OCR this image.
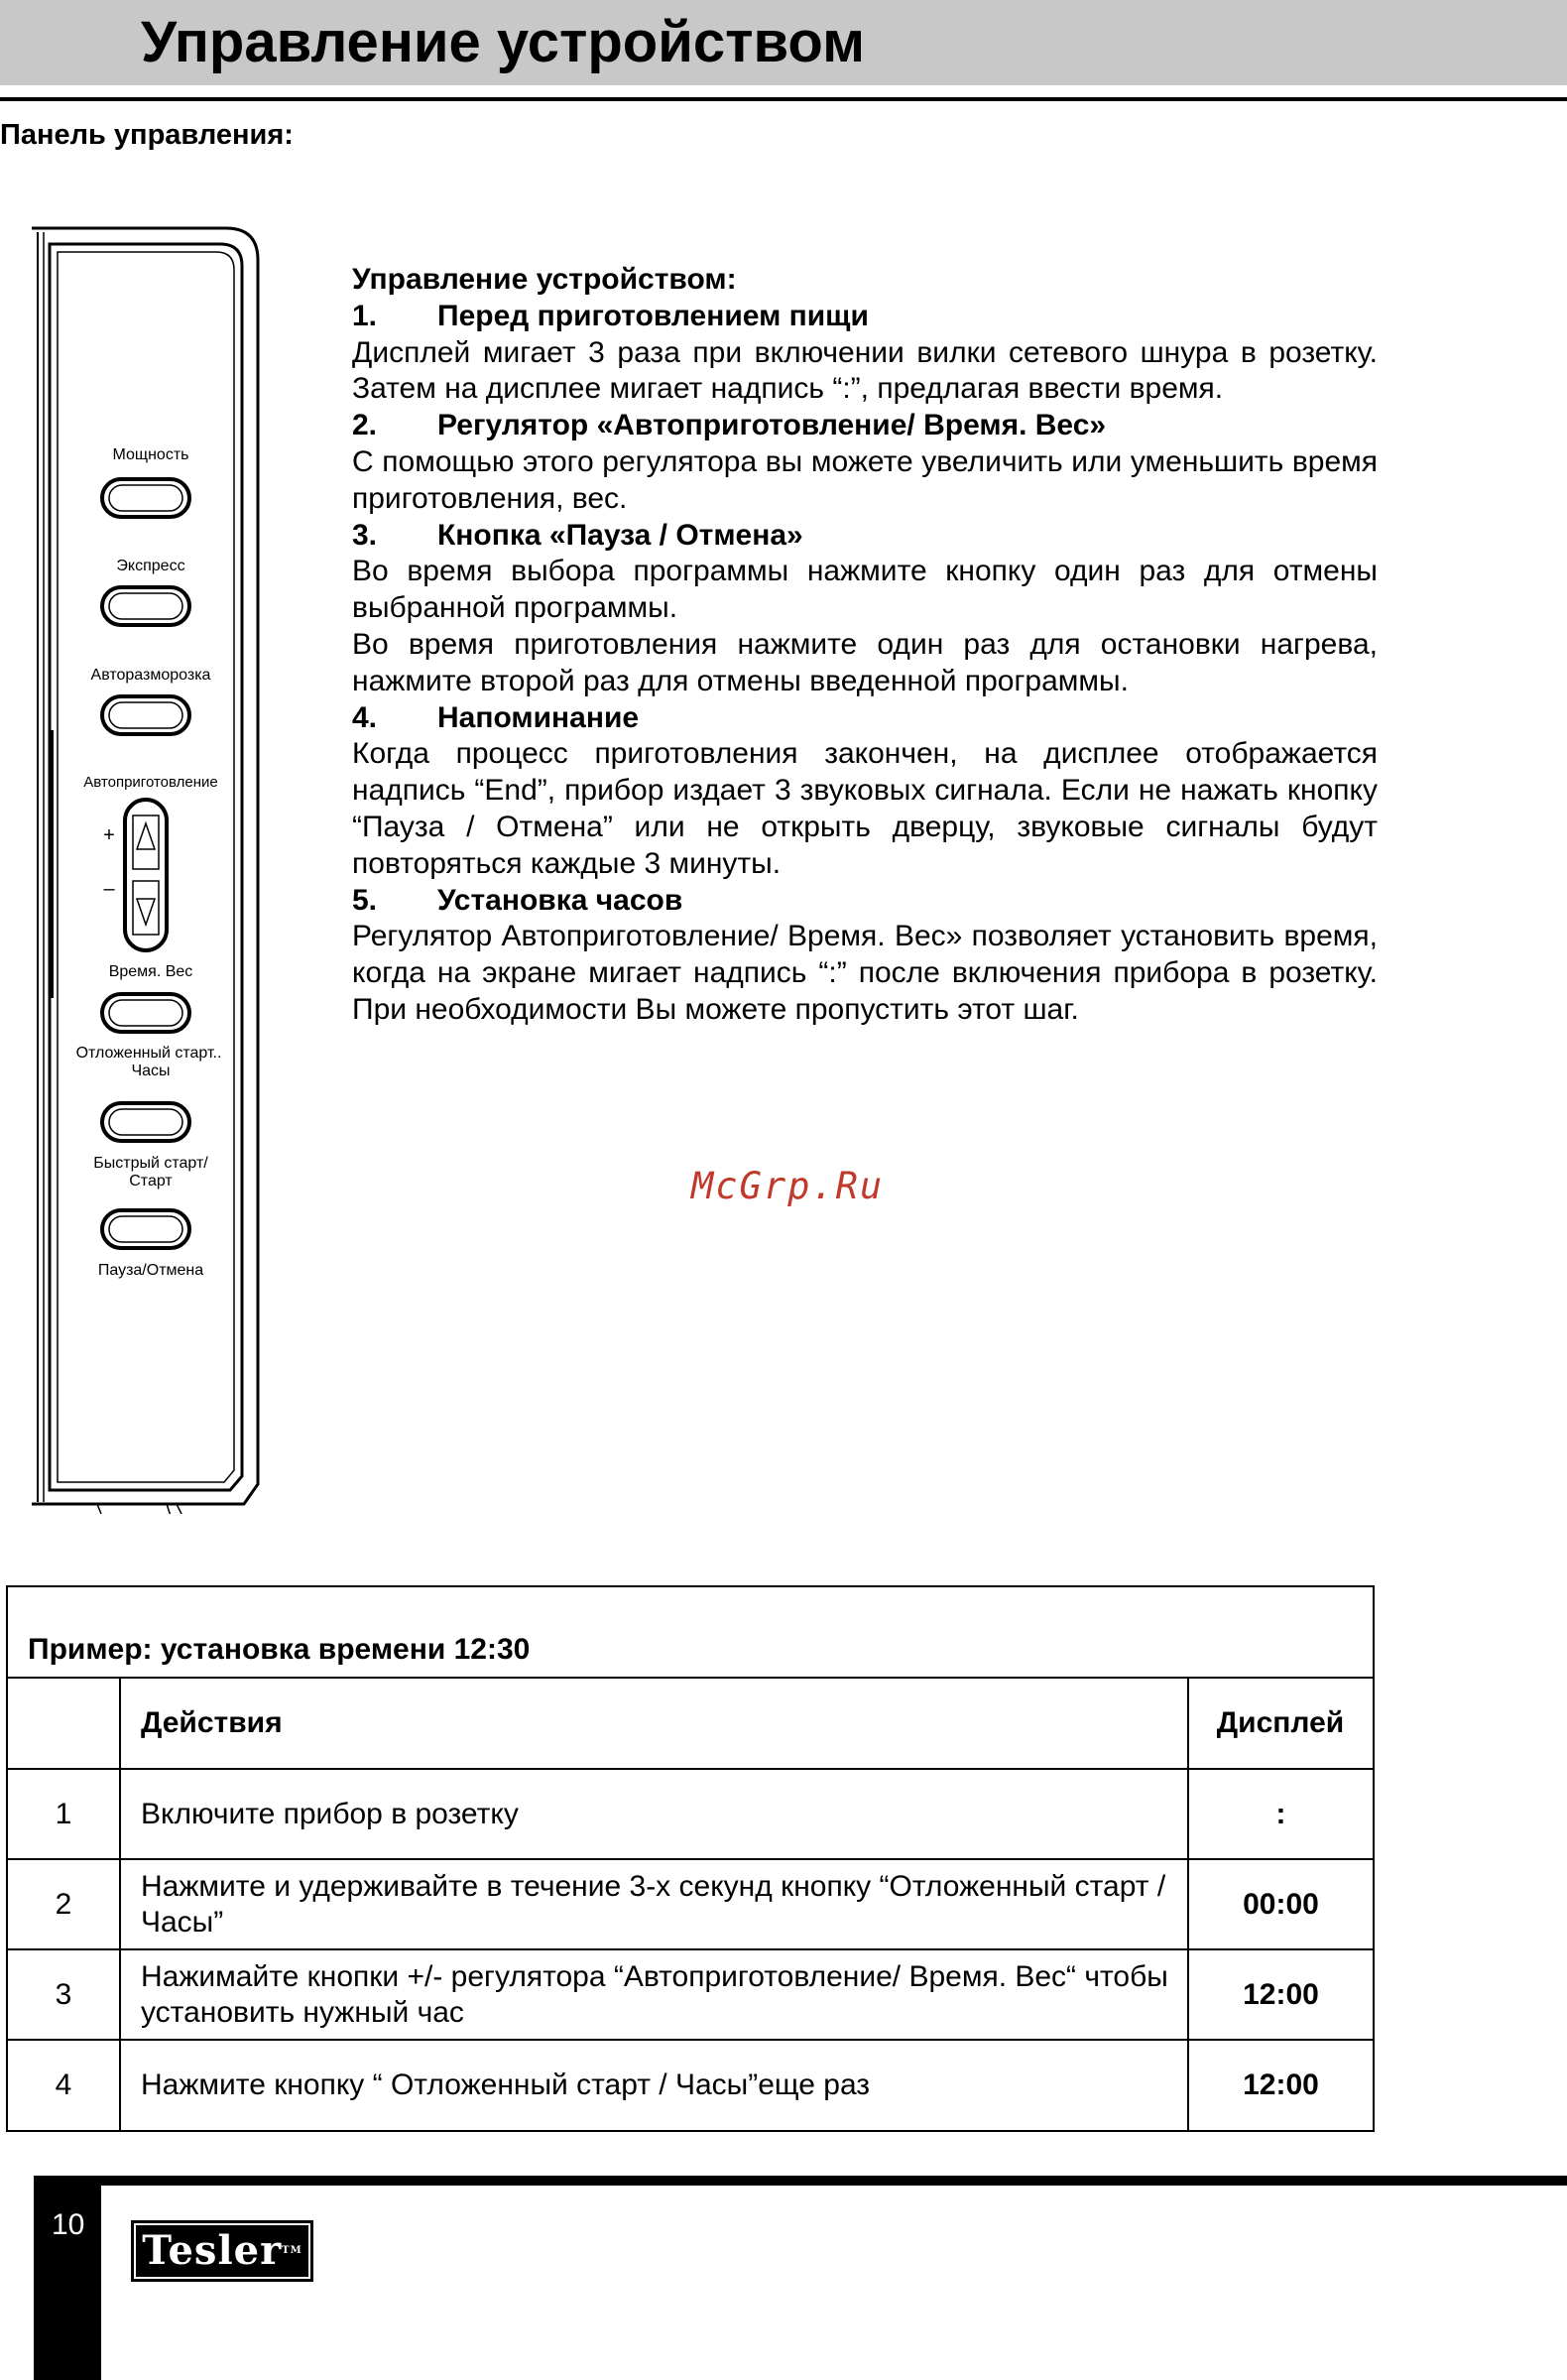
Управление устройством
Панель управления:
Мощность
Экспресс
Авторазморозка
Автоприготовление
+
–
Время. Вес
Отложенный старт..
Часы
Быстрый старт/
Старт
Пауза/Отмена

Управление устройством:

1.	Перед приготовлением пищи

Дисплей мигает 3 раза при включении вилки сетевого шнура в розетку. Затем на дисплее мигает надпись “:”, предлагая ввести время.

2.	Регулятор «Автоприготовление/ Время. Вес»

С помощью этого регулятора вы можете увеличить или уменьшить время приготовления, вес.

3.	Кнопка «Пауза / Отмена»

Во время выбора программы нажмите кнопку один раз для отмены выбранной программы.

Во время приготовления нажмите один раз для остановки нагрева, нажмите второй раз для отмены введенной программы.

4.	Напоминание

Когда процесс приготовления закончен, на дисплее отображается надпись “End”, прибор издает 3 звуковых сигнала. Если не нажать кнопку “Пауза / Отмена” или не открыть дверцу, звуковые сигналы будут повторяться каждые 3 минуты.

5.	Установка часов

Регулятор Автоприготовление/ Время. Вес» позволяет установить время, когда на экране мигает надпись “:” после включения прибора в розетку. При необходимости Вы можете пропустить этот шаг.

McGrp.Ru
Пример: установка времени 12:30
	Действия	Дисплей
1	Включите прибор в розетку	:
2	Нажмите и удерживайте в течение 3-х секунд кнопку “Отложенный старт / Часы”	00:00
3	Нажимайте кнопки +/- регулятора “Автоприготовление/ Время. Вес“ чтобы установить нужный час	12:00
4	Нажмите кнопку “ Отложенный старт / Часы”еще раз	12:00
10
TeslerTM
